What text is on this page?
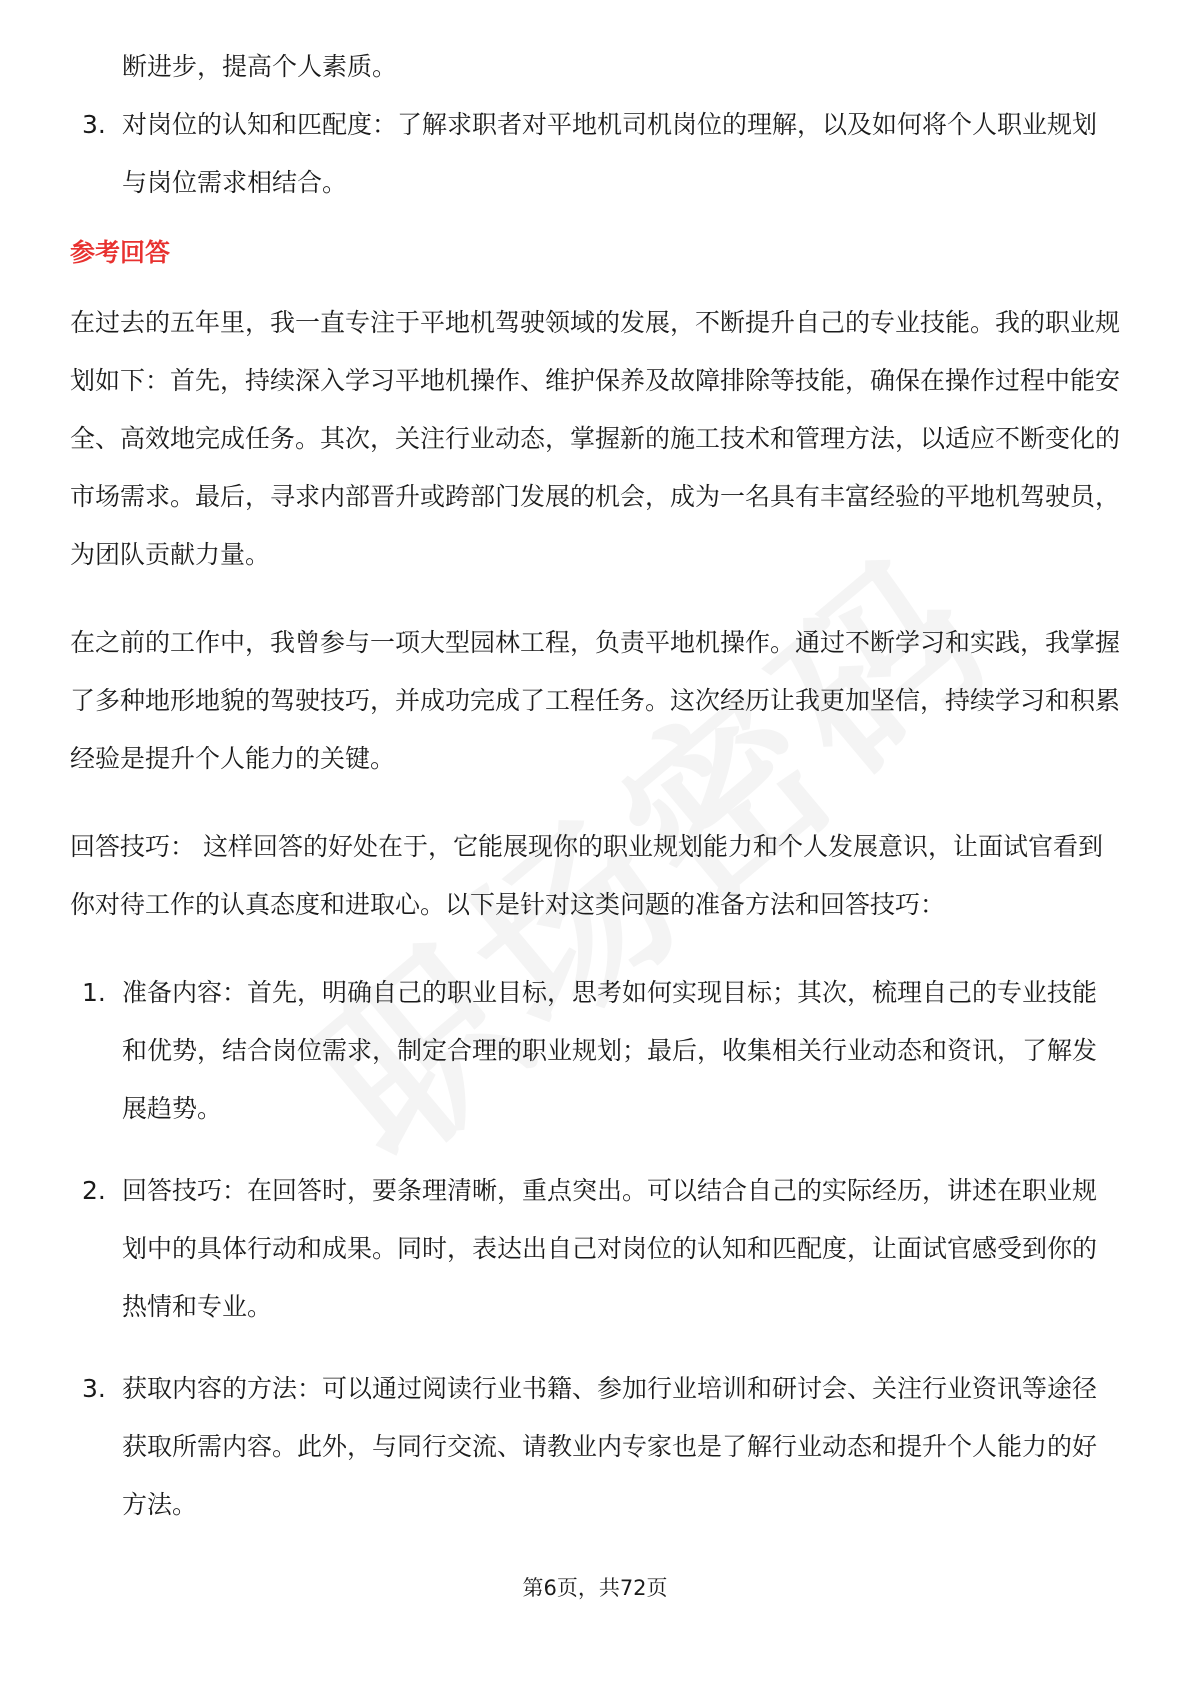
断进步，提高个人素质。
3. 对岗位的认知和匹配度：了解求职者对平地机司机岗位的理解，以及如何将个人职业规划与岗位需求相结合。
参考回答
在过去的五年里，我一直专注于平地机驾驶领域的发展，不断提升自己的专业技能。我的职业规划如下：首先，持续深入学习平地机操作、维护保养及故障排除等技能，确保在操作过程中能安全、高效地完成任务。其次，关注行业动态，掌握新的施工技术和管理方法，以适应不断变化的市场需求。最后，寻求内部晋升或跨部门发展的机会，成为一名具有丰富经验的平地机驾驶员，为团队贡献力量。
在之前的工作中，我曾参与一项大型园林工程，负责平地机操作。通过不断学习和实践，我掌握了多种地形地貌的驾驶技巧，并成功完成了工程任务。这次经历让我更加坚信，持续学习和积累经验是提升个人能力的关键。
回答技巧： 这样回答的好处在于，它能展现你的职业规划能力和个人发展意识，让面试官看到你对待工作的认真态度和进取心。以下是针对这类问题的准备方法和回答技巧：
1. 准备内容：首先，明确自己的职业目标，思考如何实现目标；其次，梳理自己的专业技能和优势，结合岗位需求，制定合理的职业规划；最后，收集相关行业动态和资讯，了解发展趋势。
2. 回答技巧：在回答时，要条理清晰，重点突出。可以结合自己的实际经历，讲述在职业规划中的具体行动和成果。同时，表达出自己对岗位的认知和匹配度，让面试官感受到你的热情和专业。
3. 获取内容的方法：可以通过阅读行业书籍、参加行业培训和研讨会、关注行业资讯等途径获取所需内容。此外，与同行交流、请教业内专家也是了解行业动态和提升个人能力的好方法。
第6页，共72页
